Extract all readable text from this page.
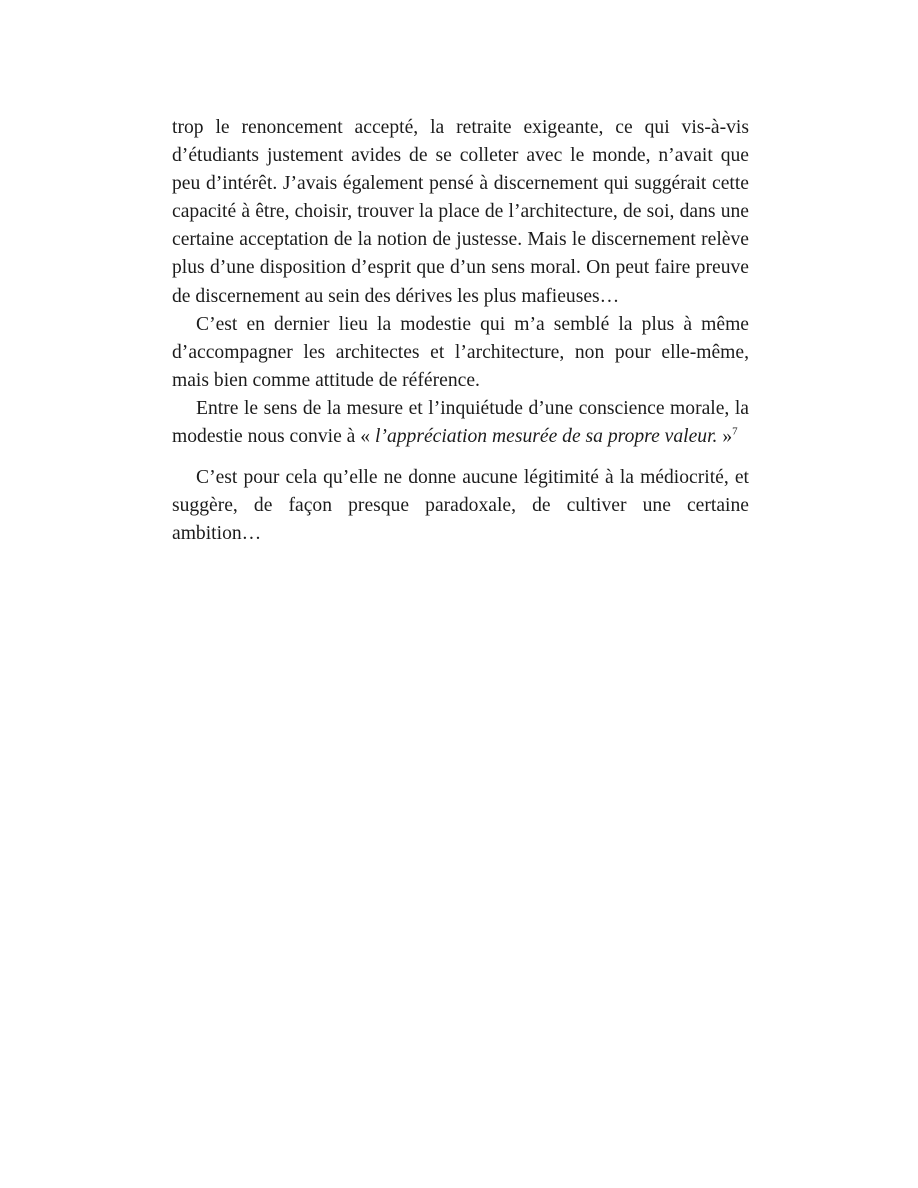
trop le renoncement accepté, la retraite exigeante, ce qui vis-à-vis d’étudiants justement avides de se colleter avec le monde, n’avait que peu d’intérêt. J’avais également pensé à discernement qui suggérait cette capacité à être, choisir, trouver la place de l’architecture, de soi, dans une certaine acceptation de la notion de justesse. Mais le discernement relève plus d’une disposition d’esprit que d’un sens moral. On peut faire preuve de discernement au sein des dérives les plus mafieuses…

C’est en dernier lieu la modestie qui m’a semblé la plus à même d’accompagner les architectes et l’architecture, non pour elle-même, mais bien comme attitude de référence.

Entre le sens de la mesure et l’inquiétude d’une conscience morale, la modestie nous convie à « l’appréciation mesurée de sa propre valeur. »$^7$

C’est pour cela qu’elle ne donne aucune légitimité à la médiocrité, et suggère, de façon presque paradoxale, de cultiver une certaine ambition…
